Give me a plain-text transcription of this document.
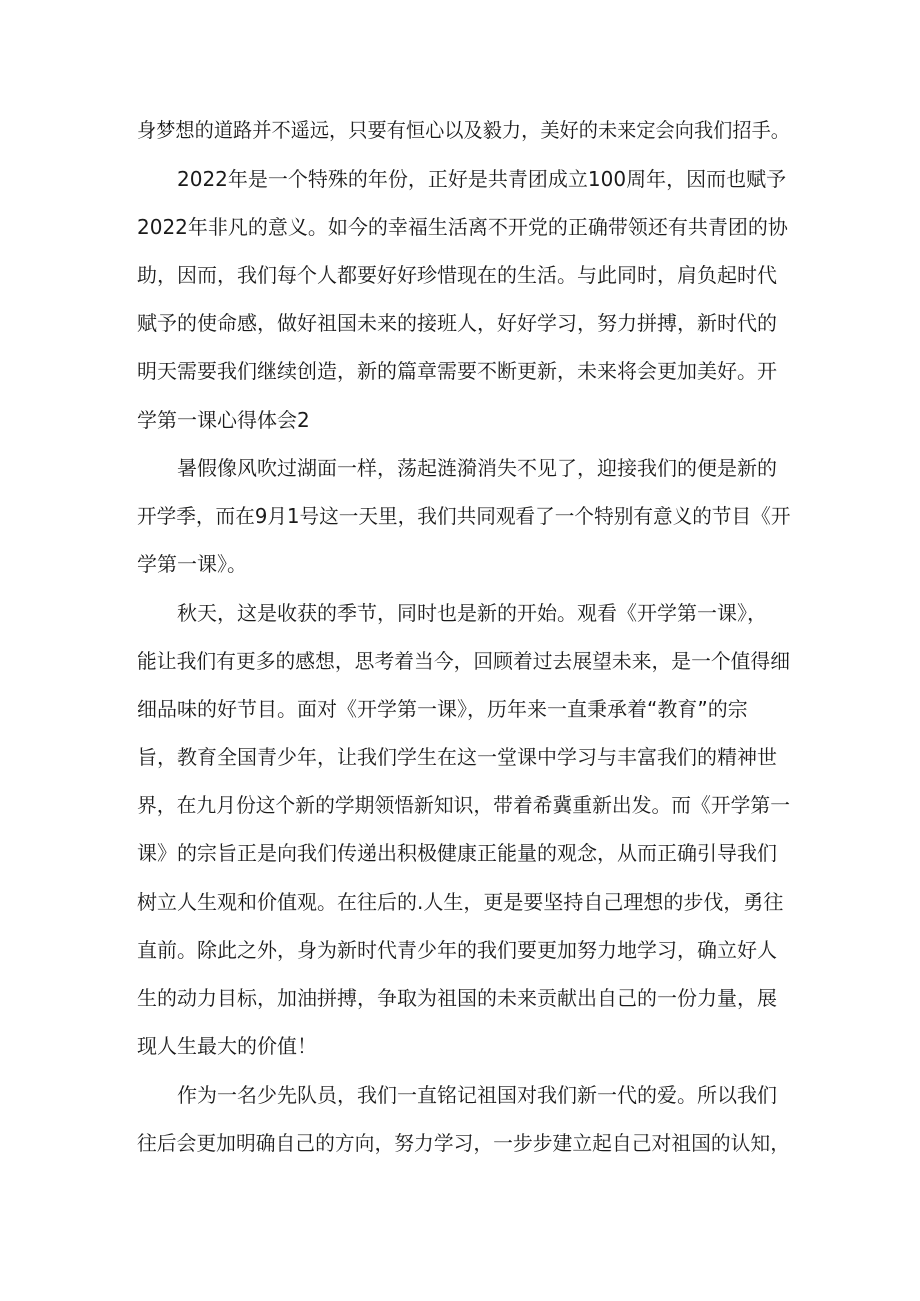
身梦想的道路并不遥远，只要有恒心以及毅力，美好的未来定会向我们招手。
2022年是一个特殊的年份，正好是共青团成立100周年，因而也赋予
2022年非凡的意义。如今的幸福生活离不开党的正确带领还有共青团的协
助，因而，我们每个人都要好好珍惜现在的生活。与此同时，肩负起时代
赋予的使命感，做好祖国未来的接班人，好好学习，努力拼搏，新时代的
明天需要我们继续创造，新的篇章需要不断更新，未来将会更加美好。开
学第一课心得体会2
暑假像风吹过湖面一样，荡起涟漪消失不见了，迎接我们的便是新的
开学季，而在9月1号这一天里，我们共同观看了一个特别有意义的节目《开
学第一课》。
秋天，这是收获的季节，同时也是新的开始。观看《开学第一课》，
能让我们有更多的感想，思考着当今，回顾着过去展望未来，是一个值得细
细品味的好节目。面对《开学第一课》，历年来一直秉承着“教育”的宗
旨，教育全国青少年，让我们学生在这一堂课中学习与丰富我们的精神世
界，在九月份这个新的学期领悟新知识，带着希冀重新出发。而《开学第一
课》的宗旨正是向我们传递出积极健康正能量的观念，从而正确引导我们
树立人生观和价值观。在往后的.人生，更是要坚持自己理想的步伐，勇往
直前。除此之外，身为新时代青少年的我们要更加努力地学习，确立好人
生的动力目标，加油拼搏，争取为祖国的未来贡献出自己的一份力量，展
现人生最大的价值！
作为一名少先队员，我们一直铭记祖国对我们新一代的爱。所以我们
往后会更加明确自己的方向，努力学习，一步步建立起自己对祖国的认知，
